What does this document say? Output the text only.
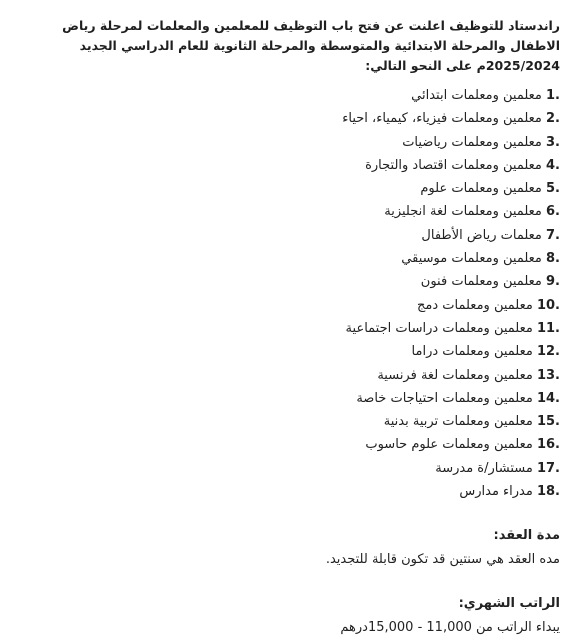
راندستاد للتوظيف اعلنت عن فتح باب التوظيف للمعلمين والمعلمات لمرحلة رياض الاطفال والمرحلة الابتدائية والمتوسطة والمرحلة الثانوية للعام الدراسي الجديد 2025/2024م على النحو التالي:

1. معلمين ومعلمات ابتدائي
2. معلمين ومعلمات فيزياء، كيمياء، احياء
3. معلمين ومعلمات رياضيات
4. معلمين ومعلمات اقتصاد والتجارة
5. معلمين ومعلمات علوم
6. معلمين ومعلمات لغة انجليزية
7. معلمات رياض الأطفال
8. معلمين ومعلمات موسيقي
9. معلمين ومعلمات فنون
10. معلمين ومعلمات دمج
11. معلمين ومعلمات دراسات اجتماعية
12. معلمين ومعلمات دراما
13. معلمين ومعلمات لغة فرنسية
14. معلمين ومعلمات احتياجات خاصة
15. معلمين ومعلمات تربية بدنية
16. معلمين ومعلمات علوم حاسوب
17. مستشار/ة مدرسة
18. مدراء مدارس

مدة العقد:

مده العقد هي سنتين قد تكون قابلة للتجديد.

الراتب الشهري:

يبداء الراتب من 11,000 - 15,000درهم
